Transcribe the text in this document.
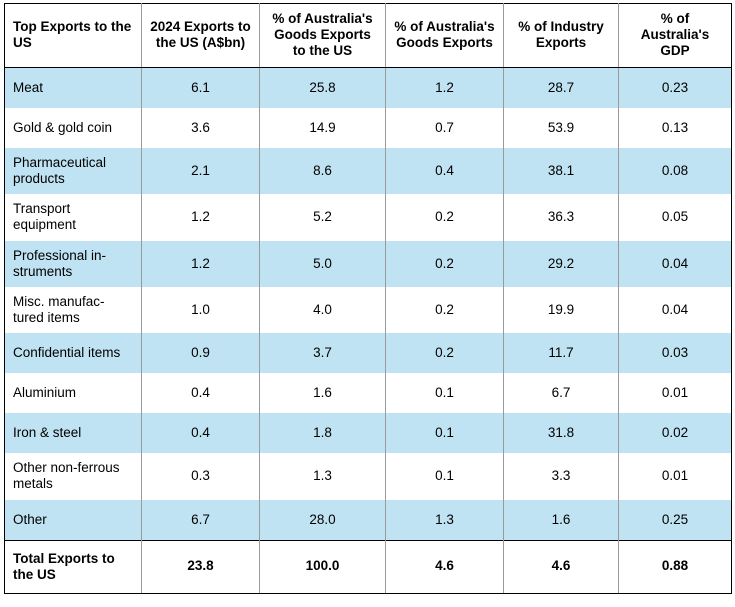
Top Exports to the US	2024 Exports to the US (A$bn)	% of Australia's Goods Exports to the US	% of Australia's Goods Exports	% of Industry Exports	% of Australia's GDP
Meat	6.1	25.8	1.2	28.7	0.23
Gold & gold coin	3.6	14.9	0.7	53.9	0.13
Pharmaceutical products	2.1	8.6	0.4	38.1	0.08
Transport equipment	1.2	5.2	0.2	36.3	0.05
Professional in-struments	1.2	5.0	0.2	29.2	0.04
Misc. manufac-tured items	1.0	4.0	0.2	19.9	0.04
Confidential items	0.9	3.7	0.2	11.7	0.03
Aluminium	0.4	1.6	0.1	6.7	0.01
Iron & steel	0.4	1.8	0.1	31.8	0.02
Other non-ferrous metals	0.3	1.3	0.1	3.3	0.01
Other	6.7	28.0	1.3	1.6	0.25
Total Exports to the US	23.8	100.0	4.6	4.6	0.88
